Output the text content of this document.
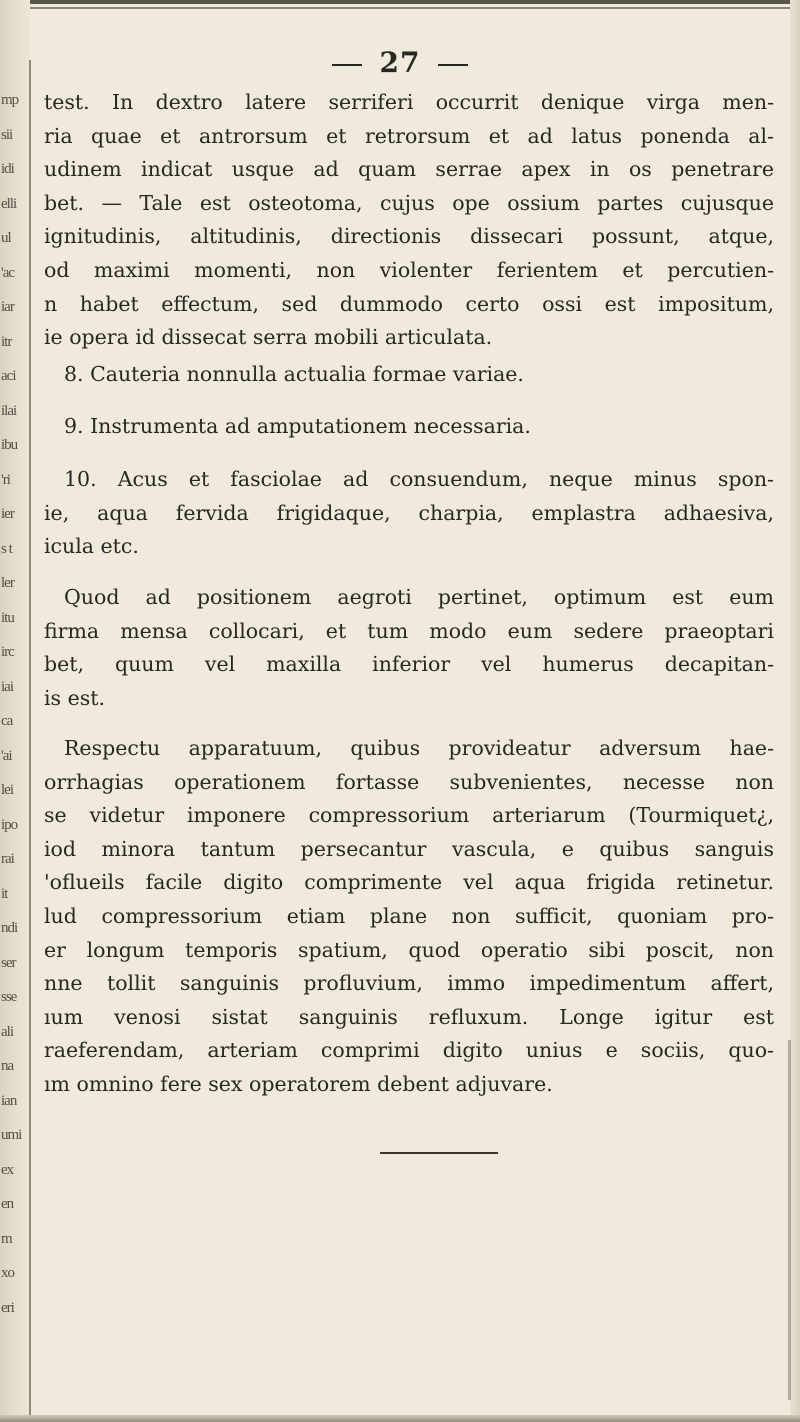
mp
sii
idi
elli
ul
'ac
iar
itr
aci
ilai
ibu
'ri
ier
s t
ler
itu
irc
iai
ca
'ai
lei
ipo
rai
it
ndi
ser
sse
ali
na
ian
umi
ex
en
m
xo
eri
27
test. In dextro latere serriferi occurrit denique virga men-
ria quae et antrorsum et retrorsum et ad latus ponenda al-
udinem indicat usque ad quam serrae apex in os penetrare
bet. — Tale est osteotoma, cujus ope ossium partes cujusque
ignitudinis, altitudinis, directionis dissecari possunt, atque,
od maximi momenti, non violenter ferientem et percutien-
n habet effectum, sed dummodo certo ossi est impositum,
ie opera id dissecat serra mobili articulata.
8. Cauteria nonnulla actualia formae variae.
9. Instrumenta ad amputationem necessaria.
10. Acus et fasciolae ad consuendum, neque minus spon-
ie, aqua fervida frigidaque, charpia, emplastra adhaesiva,
icula etc.
Quod ad positionem aegroti pertinet, optimum est eum
firma mensa collocari, et tum modo eum sedere praeoptari
bet, quum vel maxilla inferior vel humerus decapitan-
is est.
Respectu apparatuum, quibus provideatur adversum hae-
orrhagias operationem fortasse subvenientes, necesse non
se videtur imponere compressorium arteriarum (Tourmiquet¿,
iod minora tantum persecantur vascula, e quibus sanguis
'oflueils facile digito comprimente vel aqua frigida retinetur.
lud compressorium etiam plane non sufficit, quoniam pro-
er longum temporis spatium, quod operatio sibi poscit, non
nne tollit sanguinis profluvium, immo impedimentum affert,
ıum venosi sistat sanguinis refluxum. Longe igitur est
raeferendam, arteriam comprimi digito unius e sociis, quo-
ım omnino fere sex operatorem debent adjuvare.
